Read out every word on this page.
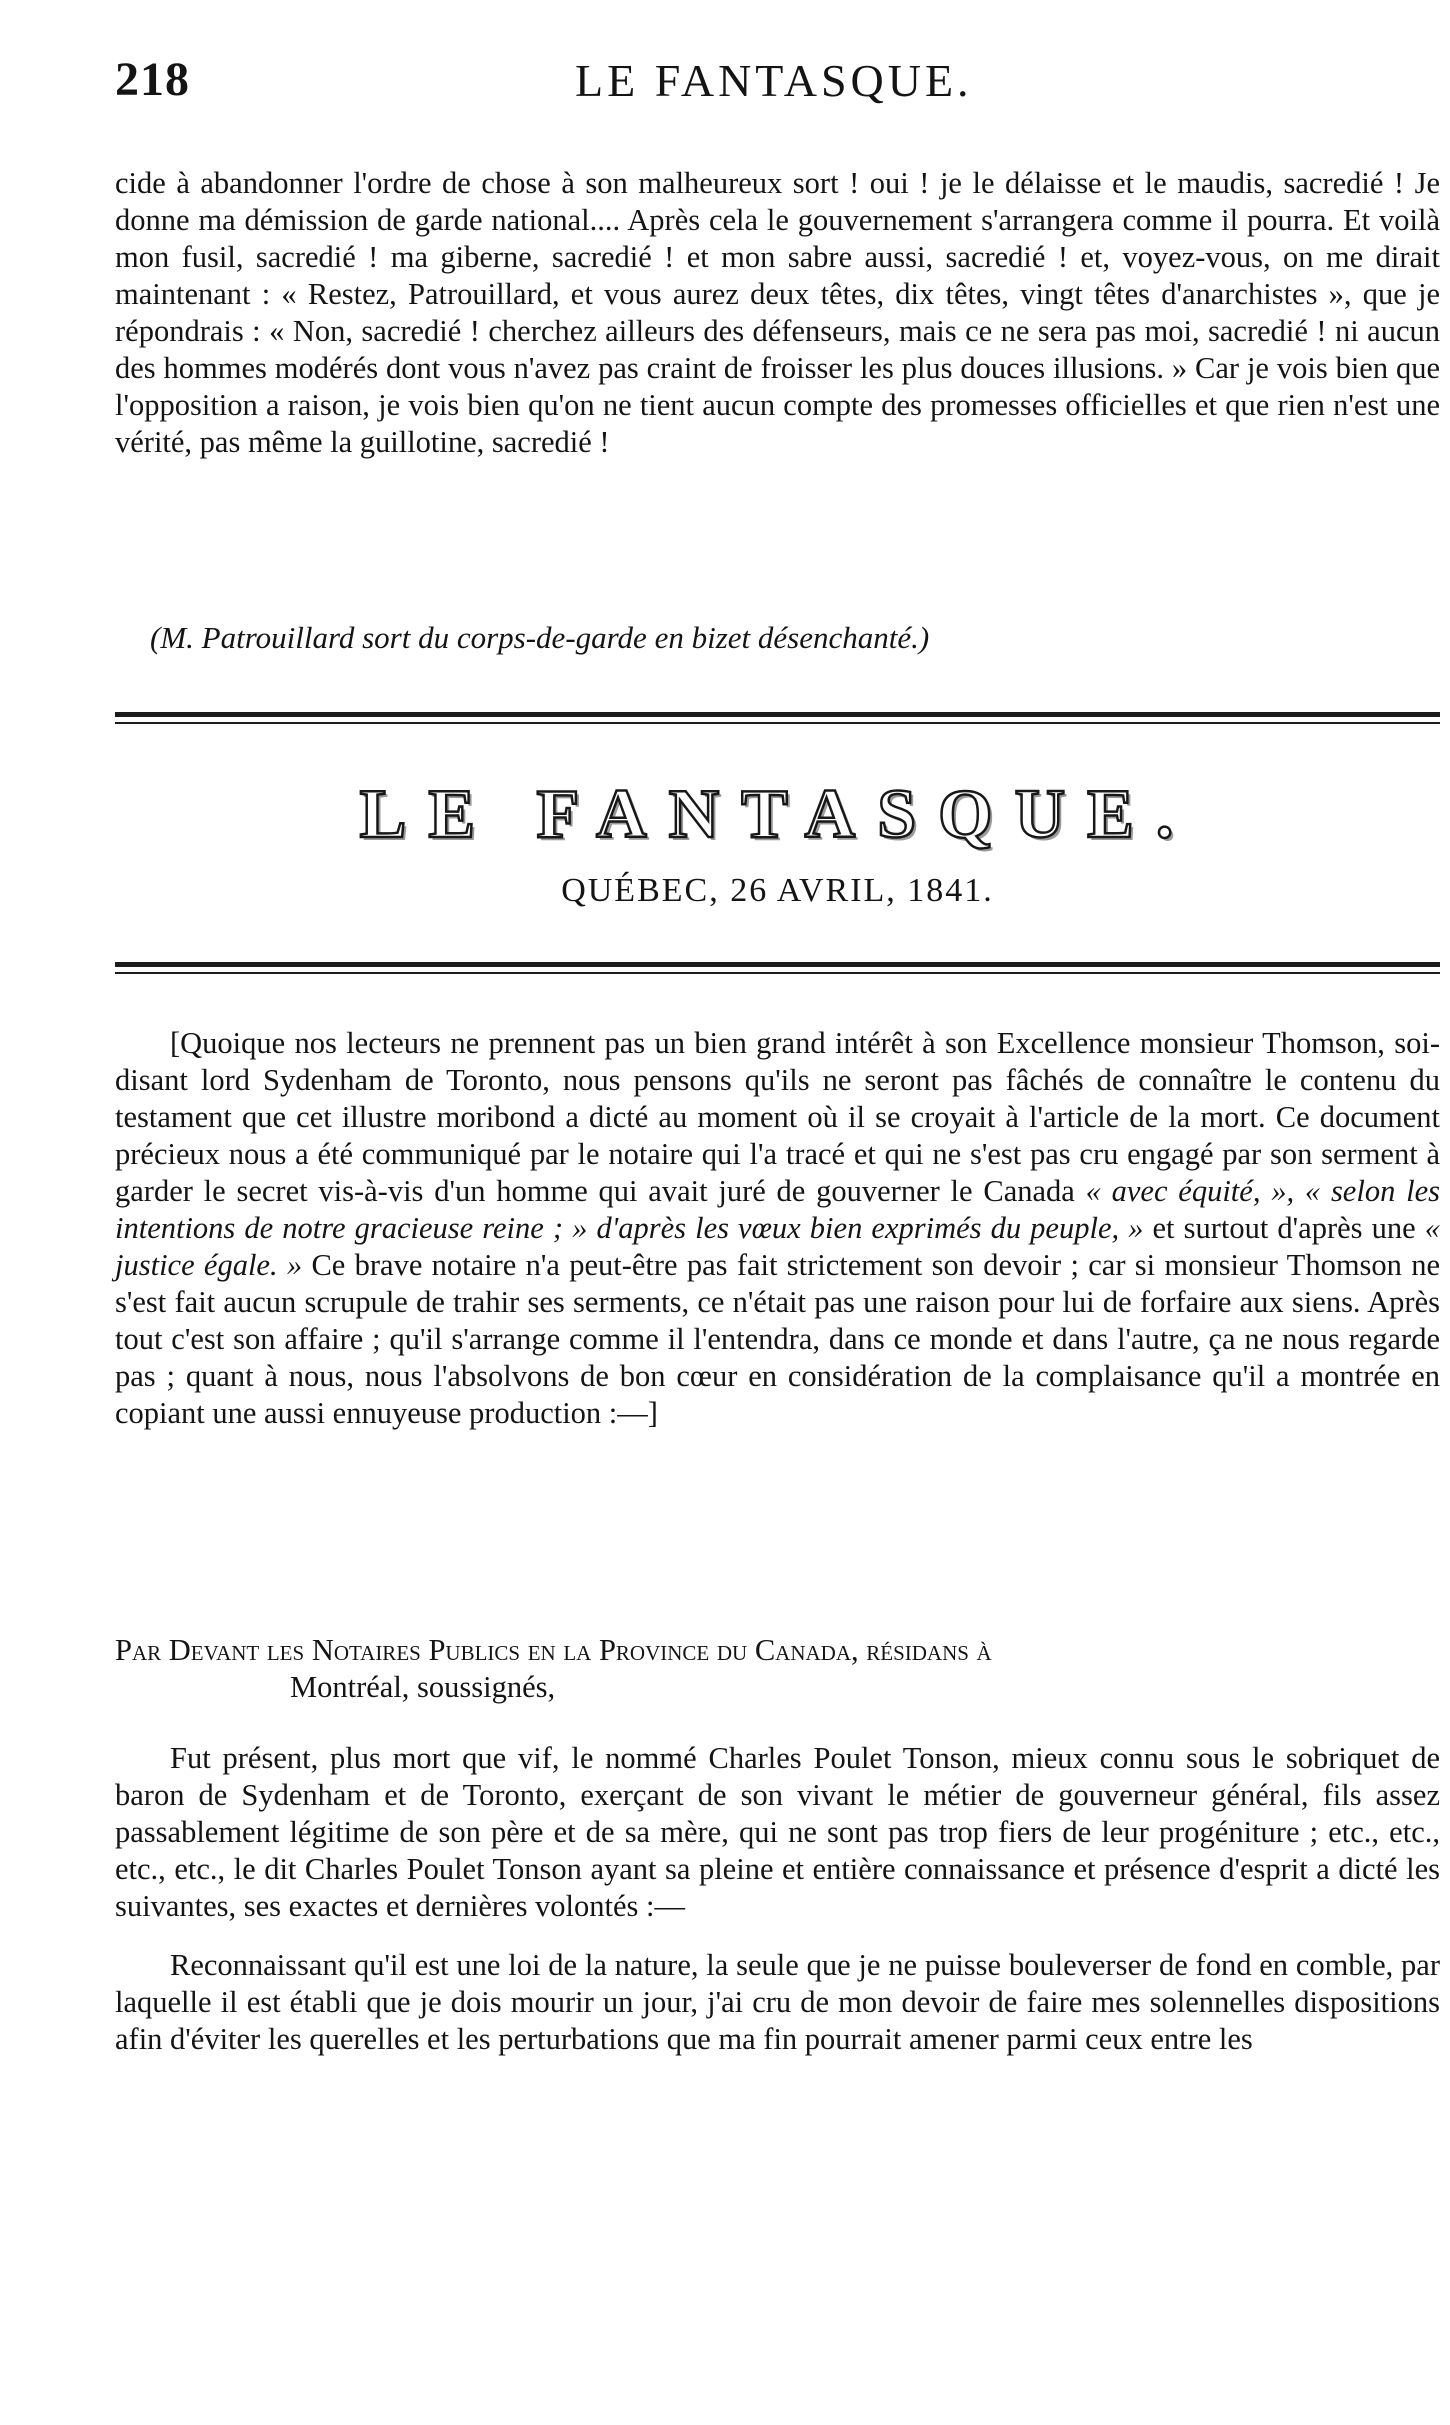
218	LE FANTASQUE.

cide à abandonner l'ordre de chose à son malheureux sort ! oui ! je le délaisse et le maudis, sacredié ! Je donne ma démission de garde national.... Après cela le gouvernement s'arrangera comme il pourra. Et voilà mon fusil, sacredié ! ma giberne, sacredié ! et mon sabre aussi, sacredié ! et, voyez-vous, on me dirait maintenant : « Restez, Patrouillard, et vous aurez deux têtes, dix têtes, vingt têtes d'anarchistes », que je répondrais : « Non, sacredié ! cherchez ailleurs des défenseurs, mais ce ne sera pas moi, sacredié ! ni aucun des hommes modérés dont vous n'avez pas craint de froisser les plus douces illusions. » Car je vois bien que l'opposition a raison, je vois bien qu'on ne tient aucun compte des promesses officielles et que rien n'est une vérité, pas même la guillotine, sacredié !

(M. Patrouillard sort du corps-de-garde en bizet désenchanté.)
LE FANTASQUE.
QUÉBEC, 26 AVRIL, 1841.

[Quoique nos lecteurs ne prennent pas un bien grand intérêt à son Excellence monsieur Thomson, soi-disant lord Sydenham de Toronto, nous pensons qu'ils ne seront pas fâchés de connaître le contenu du testament que cet illustre moribond a dicté au moment où il se croyait à l'article de la mort. Ce document précieux nous a été communiqué par le notaire qui l'a tracé et qui ne s'est pas cru engagé par son serment à garder le secret vis-à-vis d'un homme qui avait juré de gouverner le Canada « avec équité, », « selon les intentions de notre gracieuse reine ; » d'après les vœux bien exprimés du peuple, » et surtout d'après une « justice égale. » Ce brave notaire n'a peut-être pas fait strictement son devoir ; car si monsieur Thomson ne s'est fait aucun scrupule de trahir ses serments, ce n'était pas une raison pour lui de forfaire aux siens. Après tout c'est son affaire ; qu'il s'arrange comme il l'entendra, dans ce monde et dans l'autre, ça ne nous regarde pas ; quant à nous, nous l'absolvons de bon cœur en considération de la complaisance qu'il a montrée en copiant une aussi ennuyeuse production :—]

Par Devant les Notaires Publics en la Province du Canada, résidans à

Montréal, soussignés,

Fut présent, plus mort que vif, le nommé Charles Poulet Tonson, mieux connu sous le sobriquet de baron de Sydenham et de Toronto, exerçant de son vivant le métier de gouverneur général, fils assez passablement légitime de son père et de sa mère, qui ne sont pas trop fiers de leur progéniture ; etc., etc., etc., etc., le dit Charles Poulet Tonson ayant sa pleine et entière connaissance et présence d'esprit a dicté les suivantes, ses exactes et dernières volontés :—

Reconnaissant qu'il est une loi de la nature, la seule que je ne puisse bouleverser de fond en comble, par laquelle il est établi que je dois mourir un jour, j'ai cru de mon devoir de faire mes solennelles dispositions afin d'éviter les querelles et les perturbations que ma fin pourrait amener parmi ceux entre les
